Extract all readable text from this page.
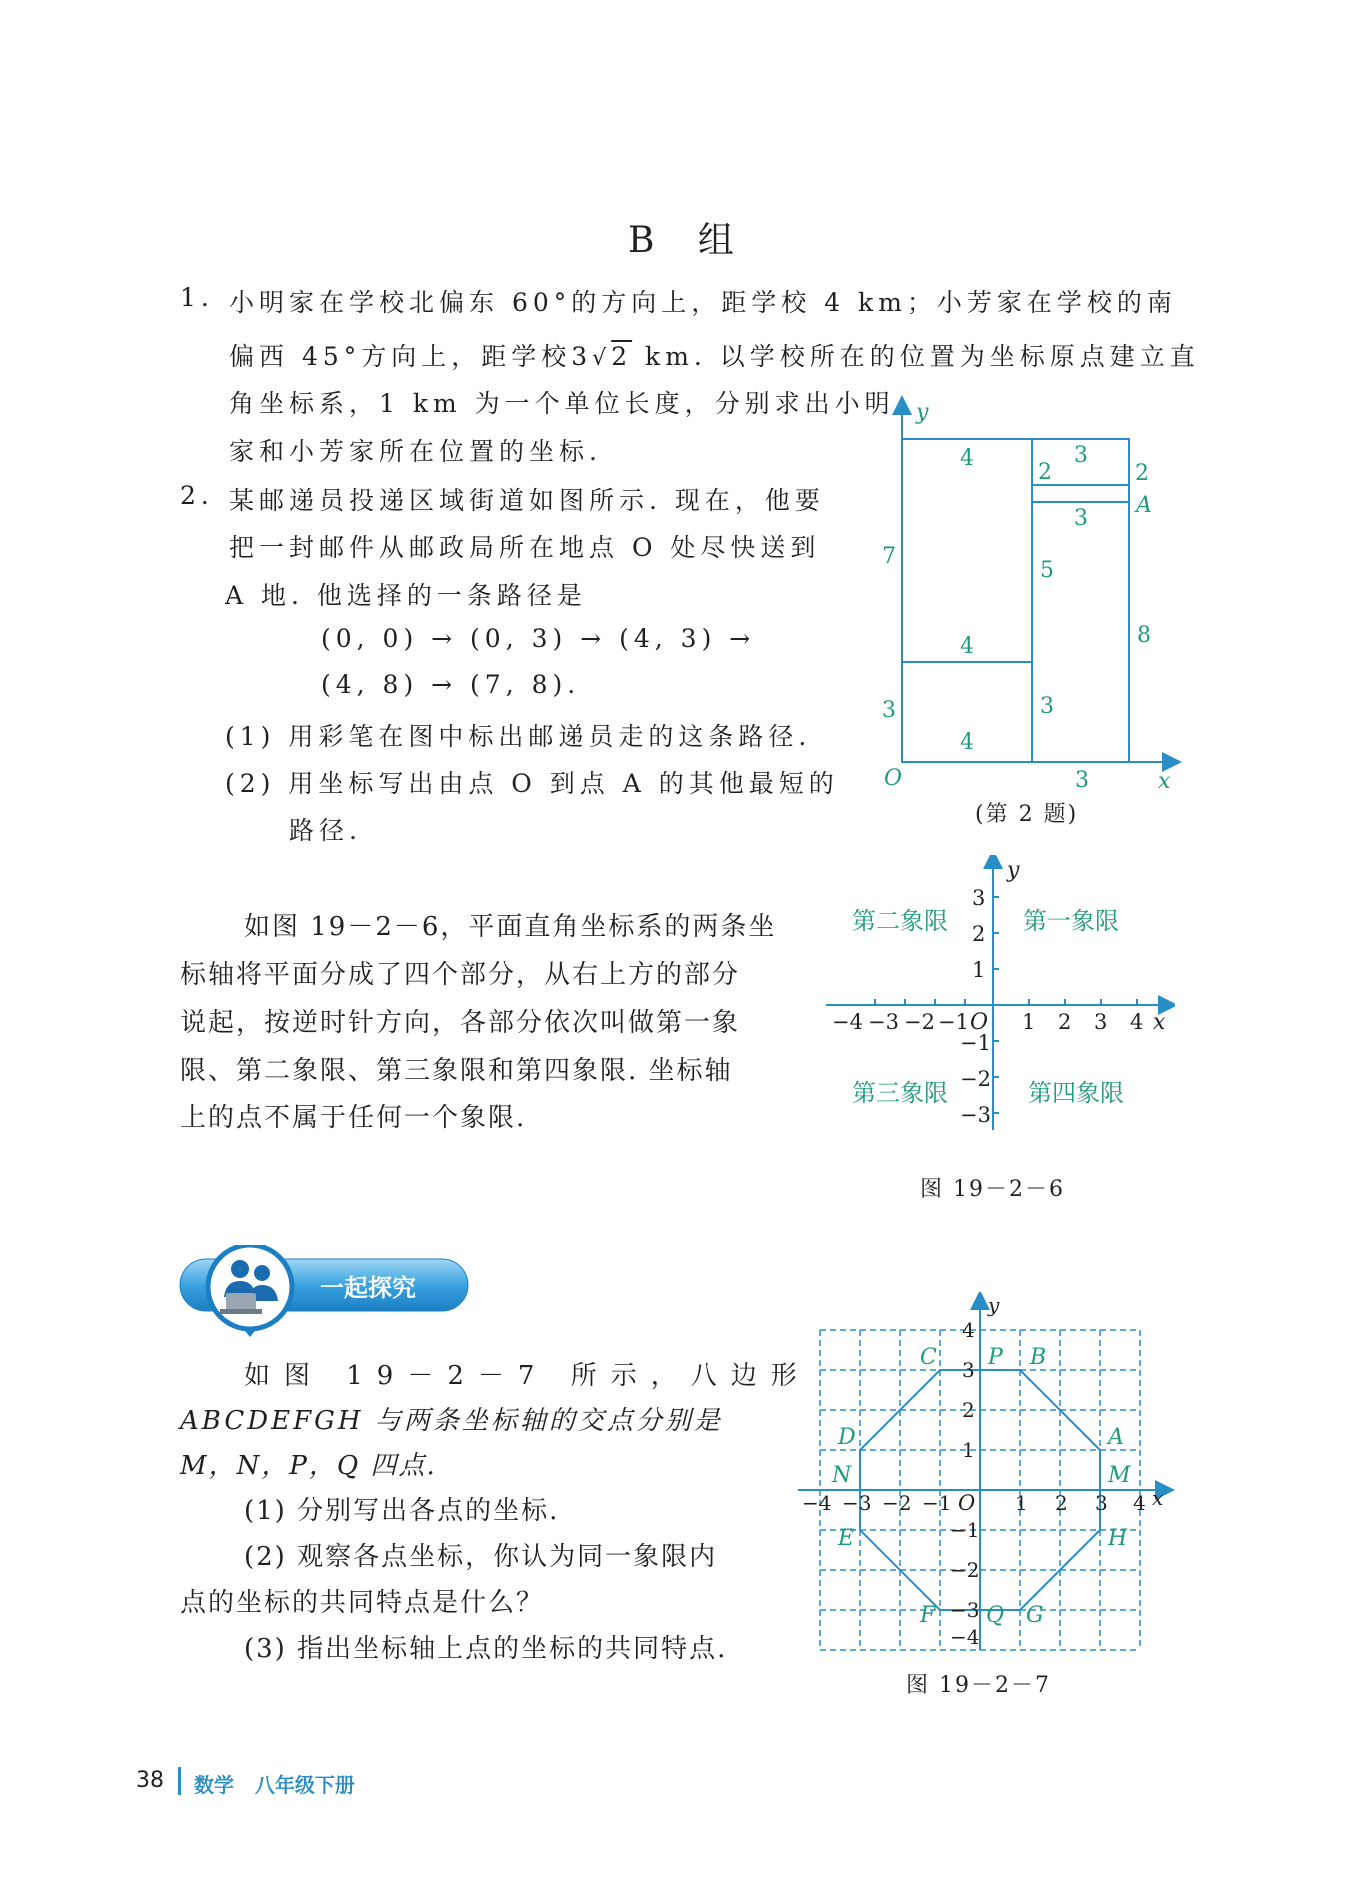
B 组
1. 小明家在学校北偏东 60°的方向上，距学校 4 km；小芳家在学校的南
偏西 45°方向上，距学校3√2 km. 以学校所在的位置为坐标原点建立直
角坐标系，1 km 为一个单位长度，分别求出小明
家和小芳家所在位置的坐标.
2. 某邮递员投递区域街道如图所示. 现在，他要
把一封邮件从邮政局所在地点 O 处尽快送到
A 地. 他选择的一条路径是
(0, 0) → (0, 3) → (4, 3) →
(4, 8) → (7, 8).
(1) 用彩笔在图中标出邮递员走的这条路径.
(2) 用坐标写出由点 O 到点 A 的其他最短的
路径.
y
x
O
A
4	3
2	2
3
7
5
8
4
3	3
4
3
(第 2 题)
如图 19－2－6，平面直角坐标系的两条坐
标轴将平面分成了四个部分，从右上方的部分
说起，按逆时针方向，各部分依次叫做第一象
限、第二象限、第三象限和第四象限. 坐标轴
上的点不属于任何一个象限.
y
x
O
−4 −3 −2 −1	1 2 3 4
3
2
1
−1
−2
−3
第二象限	第一象限
第三象限	第四象限
图 19－2－6
一起探究
如图 19－2－7 所示，八边形
ABCDEFGH 与两条坐标轴的交点分别是
M，N，P，Q 四点.
(1) 分别写出各点的坐标.
(2) 观察各点坐标，你认为同一象限内
点的坐标的共同特点是什么？
(3) 指出坐标轴上点的坐标的共同特点.
y
x
O
−4 −3 −2 −1	1 2 3 4
4
3
2
1
−1
−2
−3
−4
A
B
C
D
E
F	G
H
M
N
P
Q
图 19－2－7
38 数学   八年级下册
